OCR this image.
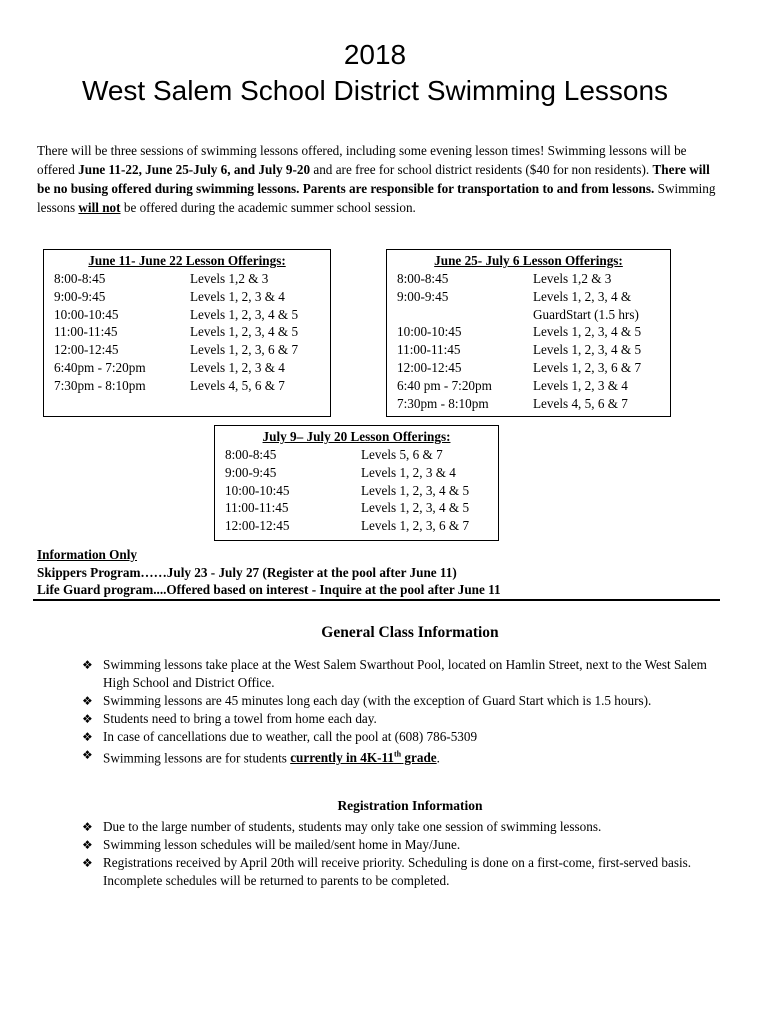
2018
West Salem School District Swimming Lessons
There will be three sessions of swimming lessons offered, including some evening lesson times! Swimming lessons will be offered June 11-22, June 25-July 6, and July 9-20 and are free for school district residents ($40 for non residents). There will be no busing offered during swimming lessons. Parents are responsible for transportation to and from lessons. Swimming lessons will not be offered during the academic summer school session.
June 11- June 22 Lesson Offerings:
8:00-8:45	Levels 1,2 & 3
9:00-9:45	Levels 1, 2, 3 & 4
10:00-10:45	Levels 1, 2, 3, 4 & 5
11:00-11:45	Levels 1, 2, 3, 4 & 5
12:00-12:45	Levels 1, 2, 3, 6 & 7
6:40pm - 7:20pm	Levels 1, 2, 3 & 4
7:30pm - 8:10pm	Levels 4, 5, 6 & 7
June 25- July 6 Lesson Offerings:
8:00-8:45	Levels 1,2 & 3
9:00-9:45	Levels 1, 2, 3, 4 &
GuardStart (1.5 hrs)
10:00-10:45	Levels 1, 2, 3, 4 & 5
11:00-11:45	Levels 1, 2, 3, 4 & 5
12:00-12:45	Levels 1, 2, 3, 6 & 7
6:40 pm - 7:20pm	Levels 1, 2, 3 & 4
7:30pm - 8:10pm	Levels 4, 5, 6 & 7
July 9– July 20 Lesson Offerings:
8:00-8:45	Levels 5, 6 & 7
9:00-9:45	Levels 1, 2, 3 & 4
10:00-10:45	Levels 1, 2, 3, 4 & 5
11:00-11:45	Levels 1, 2, 3, 4 & 5
12:00-12:45	Levels 1, 2, 3, 6 & 7
Information Only
Skippers Program……July 23 - July 27 (Register at the pool after June 11)
Life Guard program....Offered based on interest - Inquire at the pool after June 11
General Class Information
❖ Swimming lessons take place at the West Salem Swarthout Pool, located on Hamlin Street, next to the West Salem High School and District Office.
❖ Swimming lessons are 45 minutes long each day (with the exception of Guard Start which is 1.5 hours).
❖ Students need to bring a towel from home each day.
❖ In case of cancellations due to weather, call the pool at (608) 786-5309
❖ Swimming lessons are for students currently in 4K-11th grade.
Registration Information
❖ Due to the large number of students, students may only take one session of swimming lessons.
❖ Swimming lesson schedules will be mailed/sent home in May/June.
❖ Registrations received by April 20th will receive priority. Scheduling is done on a first-come, first-served basis. Incomplete schedules will be returned to parents to be completed.
